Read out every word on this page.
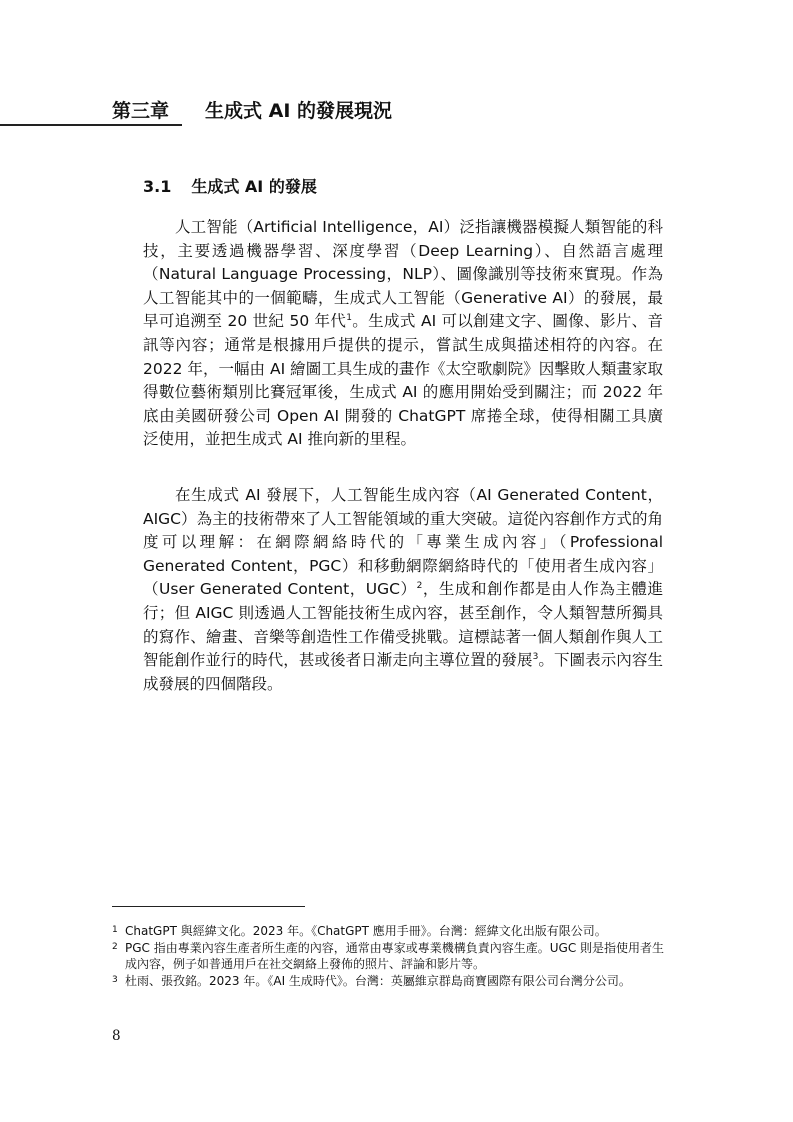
第三章 生成式 AI 的發展現況
3.1 生成式 AI 的發展

人工智能（Artificial Intelligence，AI）泛指讓機器模擬人類智能的科技，主要透過機器學習、深度學習（Deep Learning）、自然語言處理（Natural Language Processing，NLP）、圖像識別等技術來實現。作為人工智能其中的一個範疇，生成式人工智能（Generative AI）的發展，最早可追溯至 20 世紀 50 年代$^1$。生成式 AI 可以創建文字、圖像、影片、音訊等內容；通常是根據用戶提供的提示，嘗試生成與描述相符的內容。在 2022 年，一幅由 AI 繪圖工具生成的畫作《太空歌劇院》因擊敗人類畫家取得數位藝術類別比賽冠軍後，生成式 AI 的應用開始受到關注；而 2022 年底由美國研發公司 Open AI 開發的 ChatGPT 席捲全球，使得相關工具廣泛使用，並把生成式 AI 推向新的里程。

在生成式 AI 發展下，人工智能生成內容（AI Generated Content，AIGC）為主的技術帶來了人工智能領域的重大突破。這從內容創作方式的角度可以理解：在網際網絡時代的「專業生成內容」（Professional Generated Content，PGC）和移動網際網絡時代的「使用者生成內容」（User Generated Content，UGC）$^2$，生成和創作都是由人作為主體進行；但 AIGC 則透過人工智能技術生成內容，甚至創作，令人類智慧所獨具的寫作、繪畫、音樂等創造性工作備受挑戰。這標誌著一個人類創作與人工智能創作並行的時代，甚或後者日漸走向主導位置的發展$^3$。下圖表示內容生成發展的四個階段。

1 ChatGPT 與經緯文化。2023 年。《ChatGPT 應用手冊》。台灣：經緯文化出版有限公司。
2 PGC 指由專業內容生產者所生產的內容，通常由專家或專業機構負責內容生產。UGC 則是指使用者生成內容，例子如普通用戶在社交網絡上發佈的照片、評論和影片等。
3 杜雨、張孜銘。2023 年。《AI 生成時代》。台灣：英屬維京群島商寶國際有限公司台灣分公司。
8
